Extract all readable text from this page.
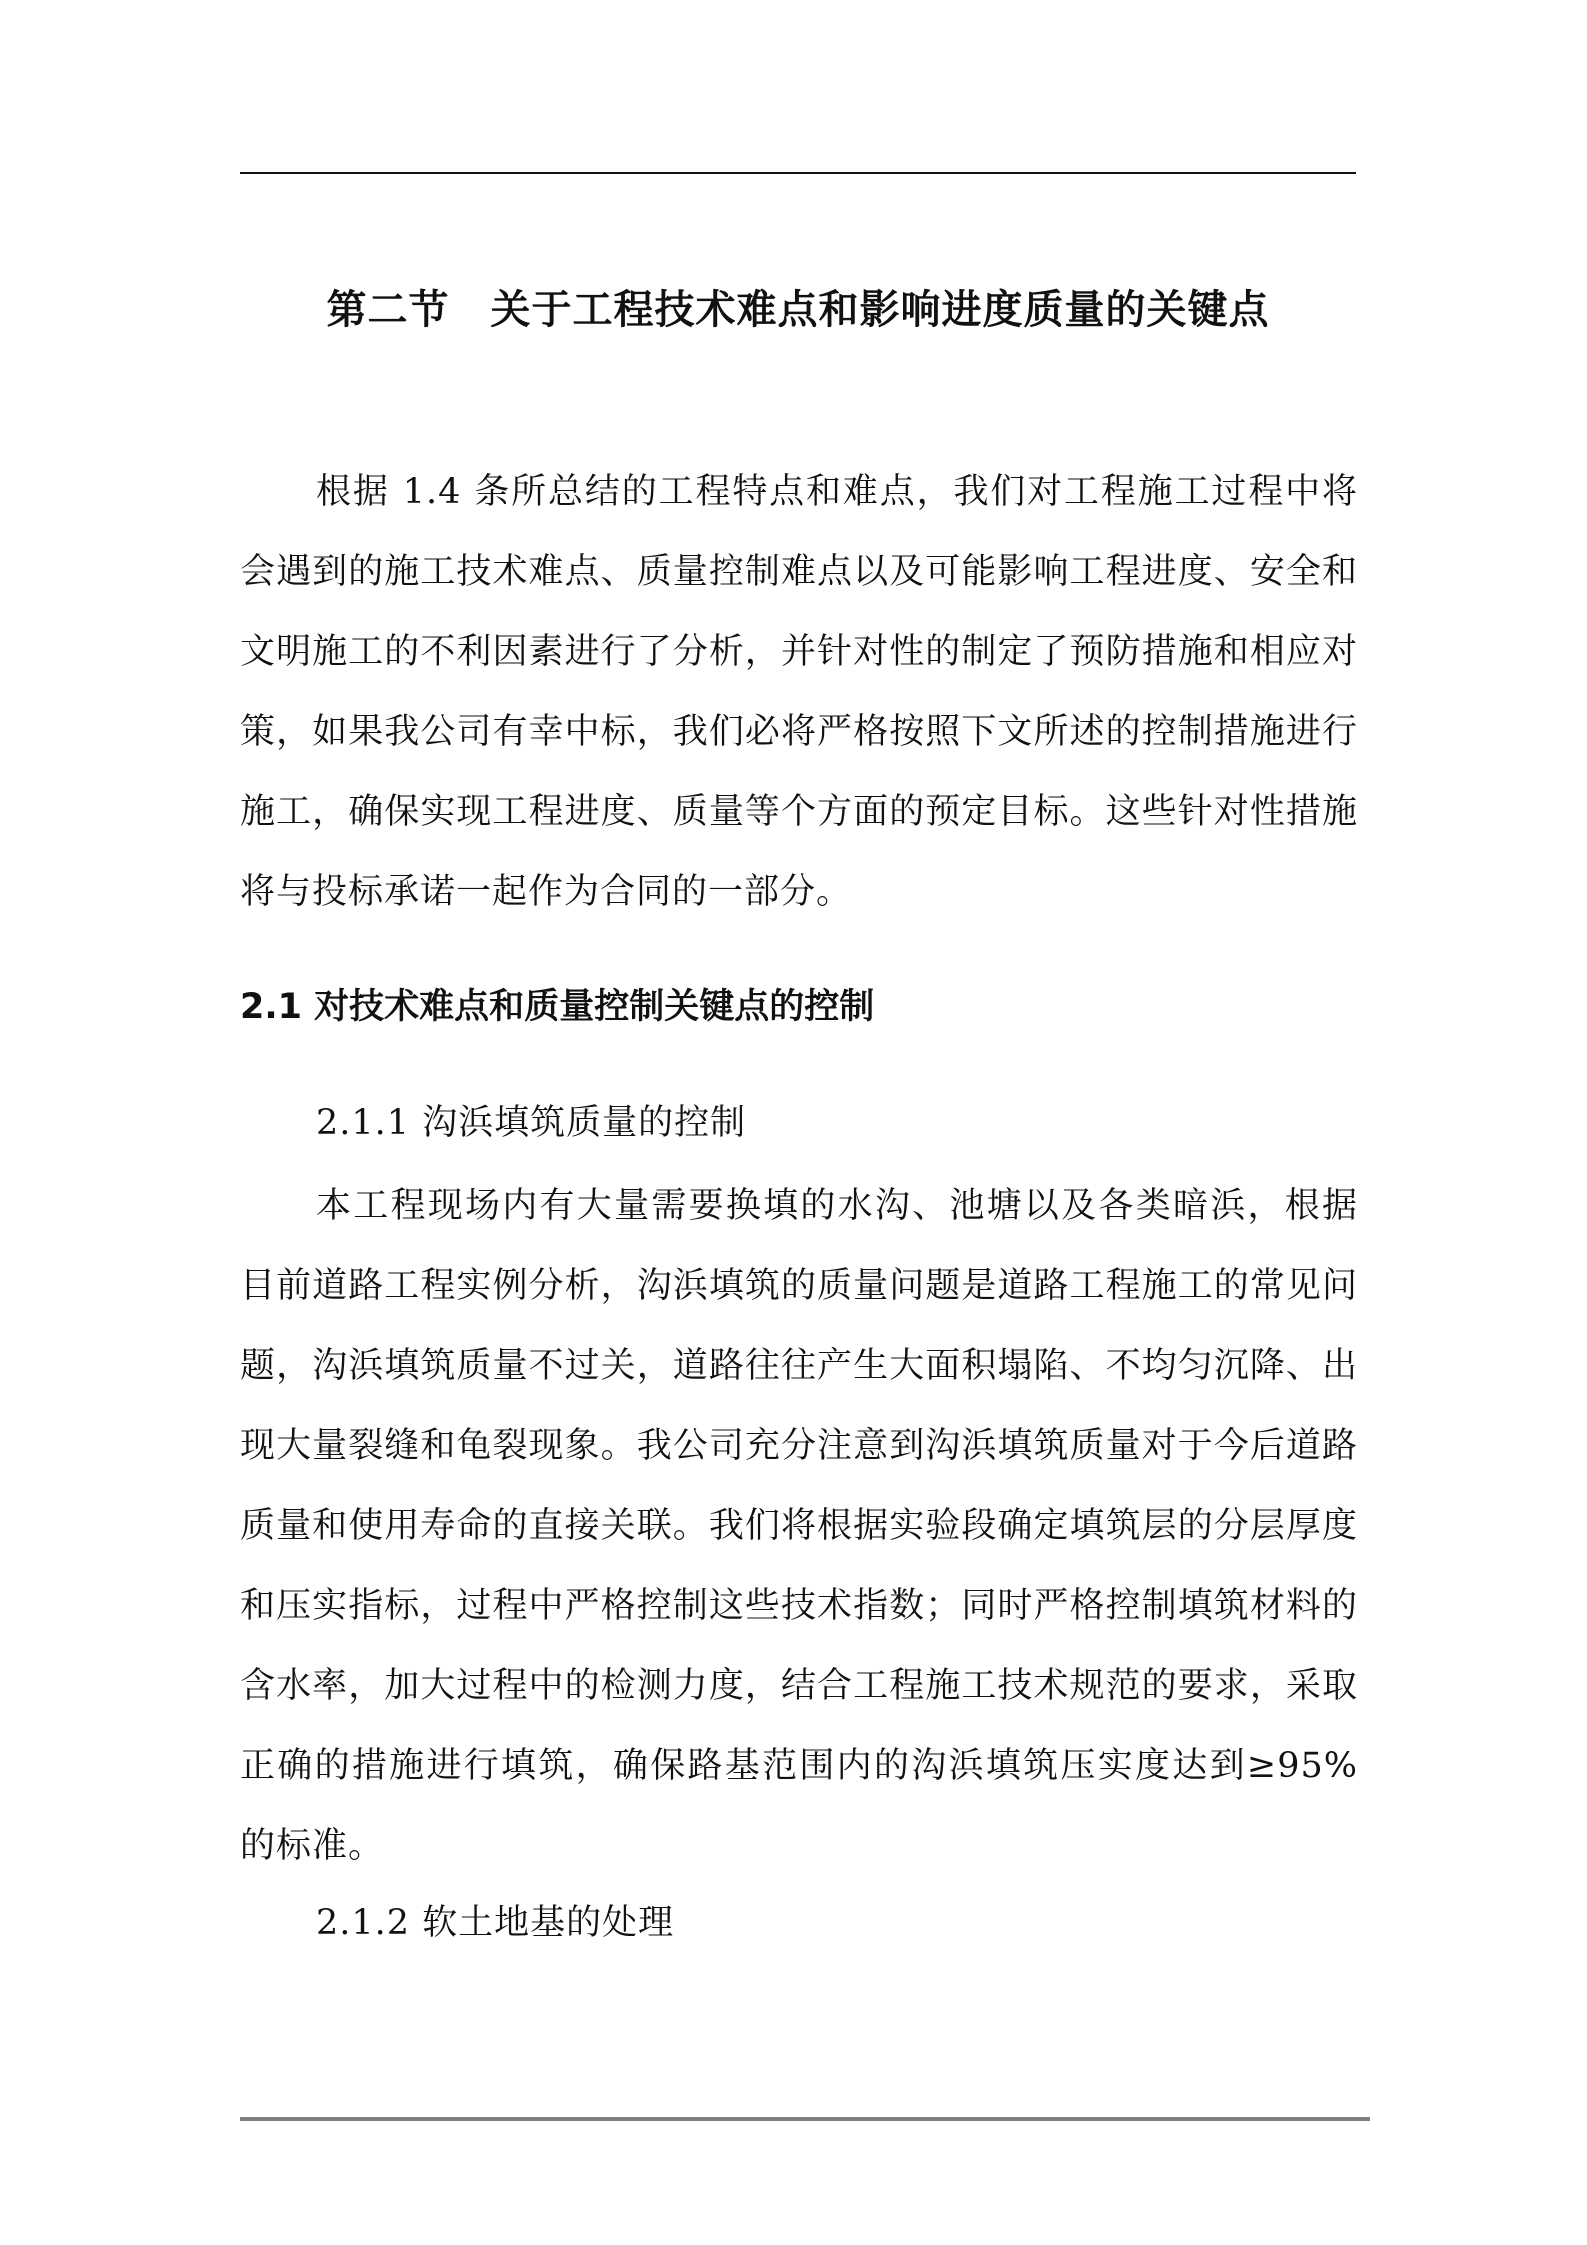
第二节　关于工程技术难点和影响进度质量的关键点
根据 1.4 条所总结的工程特点和难点，我们对工程施工过程中将会遇到的施工技术难点、质量控制难点以及可能影响工程进度、安全和文明施工的不利因素进行了分析，并针对性的制定了预防措施和相应对策，如果我公司有幸中标，我们必将严格按照下文所述的控制措施进行施工，确保实现工程进度、质量等个方面的预定目标。这些针对性措施将与投标承诺一起作为合同的一部分。
2.1 对技术难点和质量控制关键点的控制
2.1.1 沟浜填筑质量的控制
本工程现场内有大量需要换填的水沟、池塘以及各类暗浜，根据目前道路工程实例分析，沟浜填筑的质量问题是道路工程施工的常见问题，沟浜填筑质量不过关，道路往往产生大面积塌陷、不均匀沉降、出现大量裂缝和龟裂现象。我公司充分注意到沟浜填筑质量对于今后道路质量和使用寿命的直接关联。我们将根据实验段确定填筑层的分层厚度和压实指标，过程中严格控制这些技术指数；同时严格控制填筑材料的含水率，加大过程中的检测力度，结合工程施工技术规范的要求，采取正确的措施进行填筑，确保路基范围内的沟浜填筑压实度达到≥95%的标准。
2.1.2 软土地基的处理
